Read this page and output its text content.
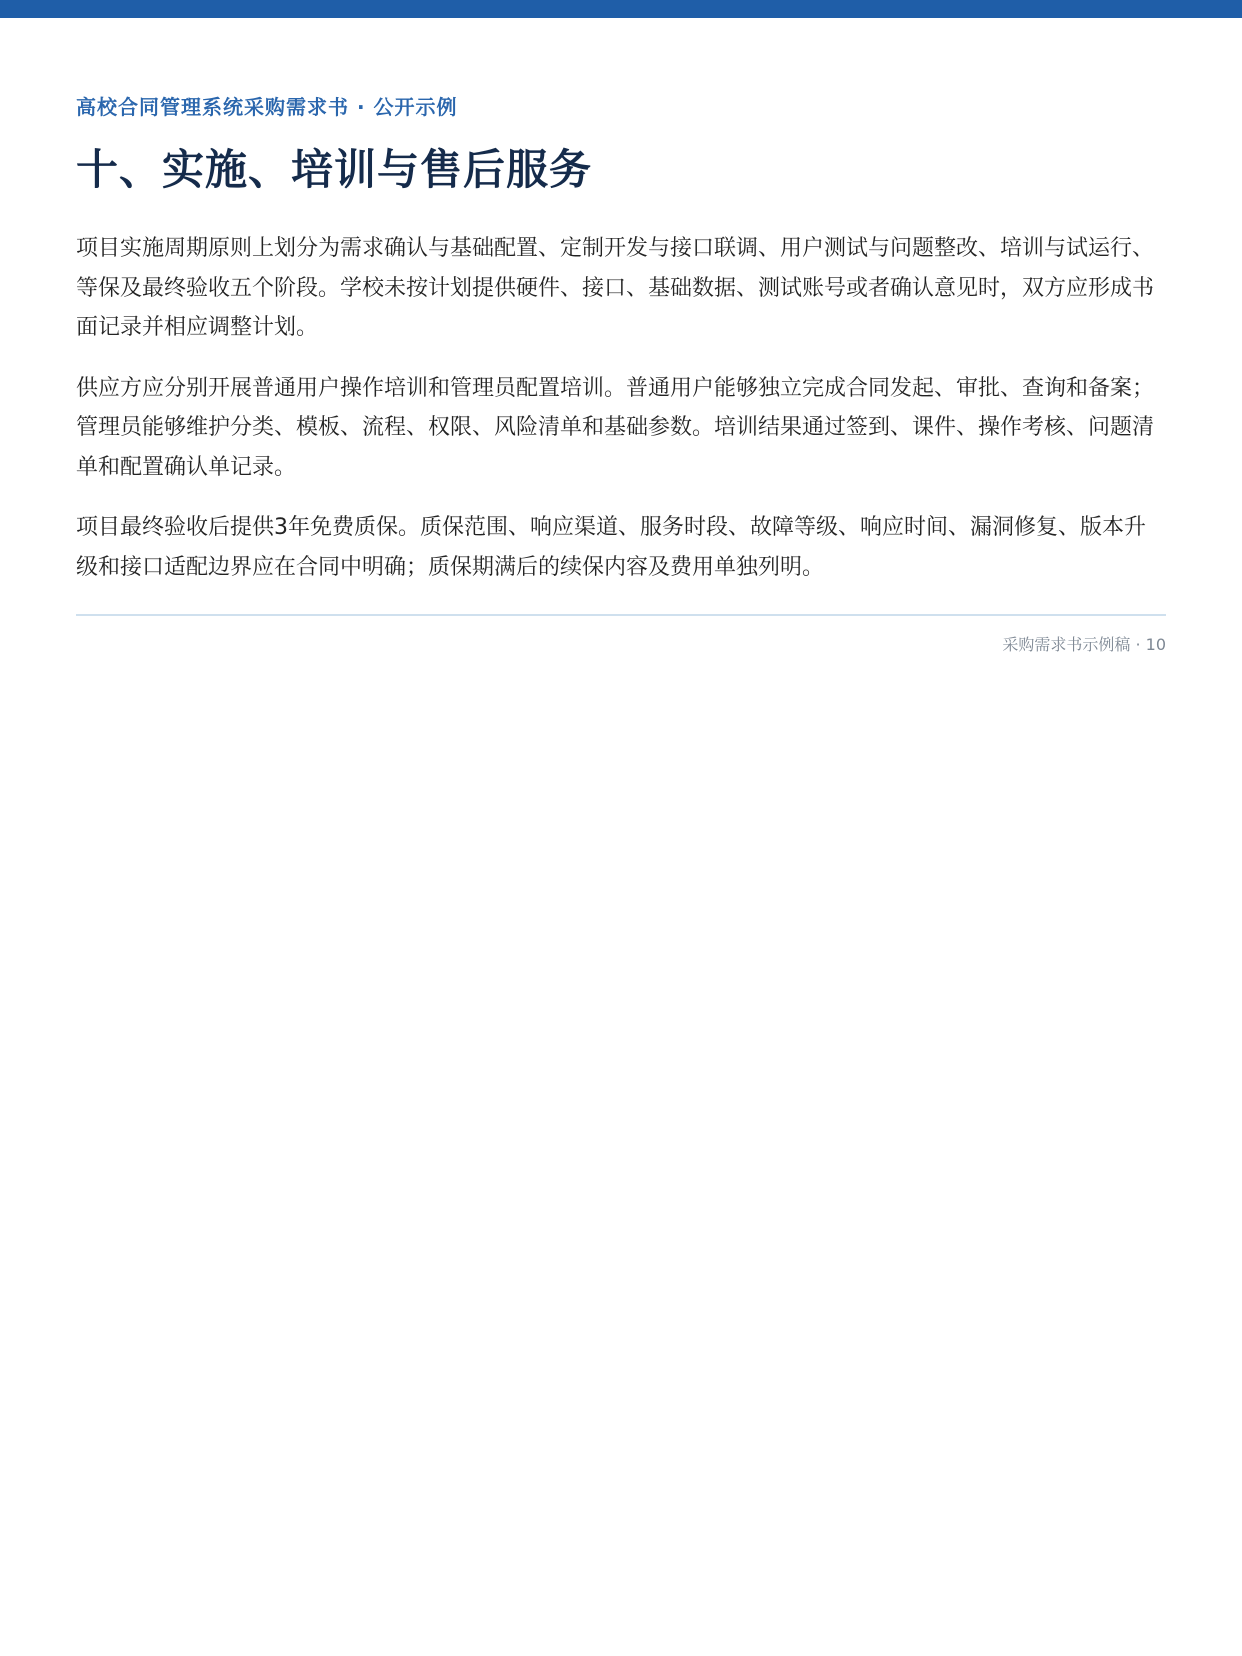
高校合同管理系统采购需求书 · 公开示例
十、实施、培训与售后服务

项目实施周期原则上划分为需求确认与基础配置、定制开发与接口联调、用户测试与问题整改、培训与试运行、等保及最终验收五个阶段。学校未按计划提供硬件、接口、基础数据、测试账号或者确认意见时，双方应形成书面记录并相应调整计划。

供应方应分别开展普通用户操作培训和管理员配置培训。普通用户能够独立完成合同发起、审批、查询和备案；管理员能够维护分类、模板、流程、权限、风险清单和基础参数。培训结果通过签到、课件、操作考核、问题清单和配置确认单记录。

项目最终验收后提供3年免费质保。质保范围、响应渠道、服务时段、故障等级、响应时间、漏洞修复、版本升级和接口适配边界应在合同中明确；质保期满后的续保内容及费用单独列明。

采购需求书示例稿 · 10
